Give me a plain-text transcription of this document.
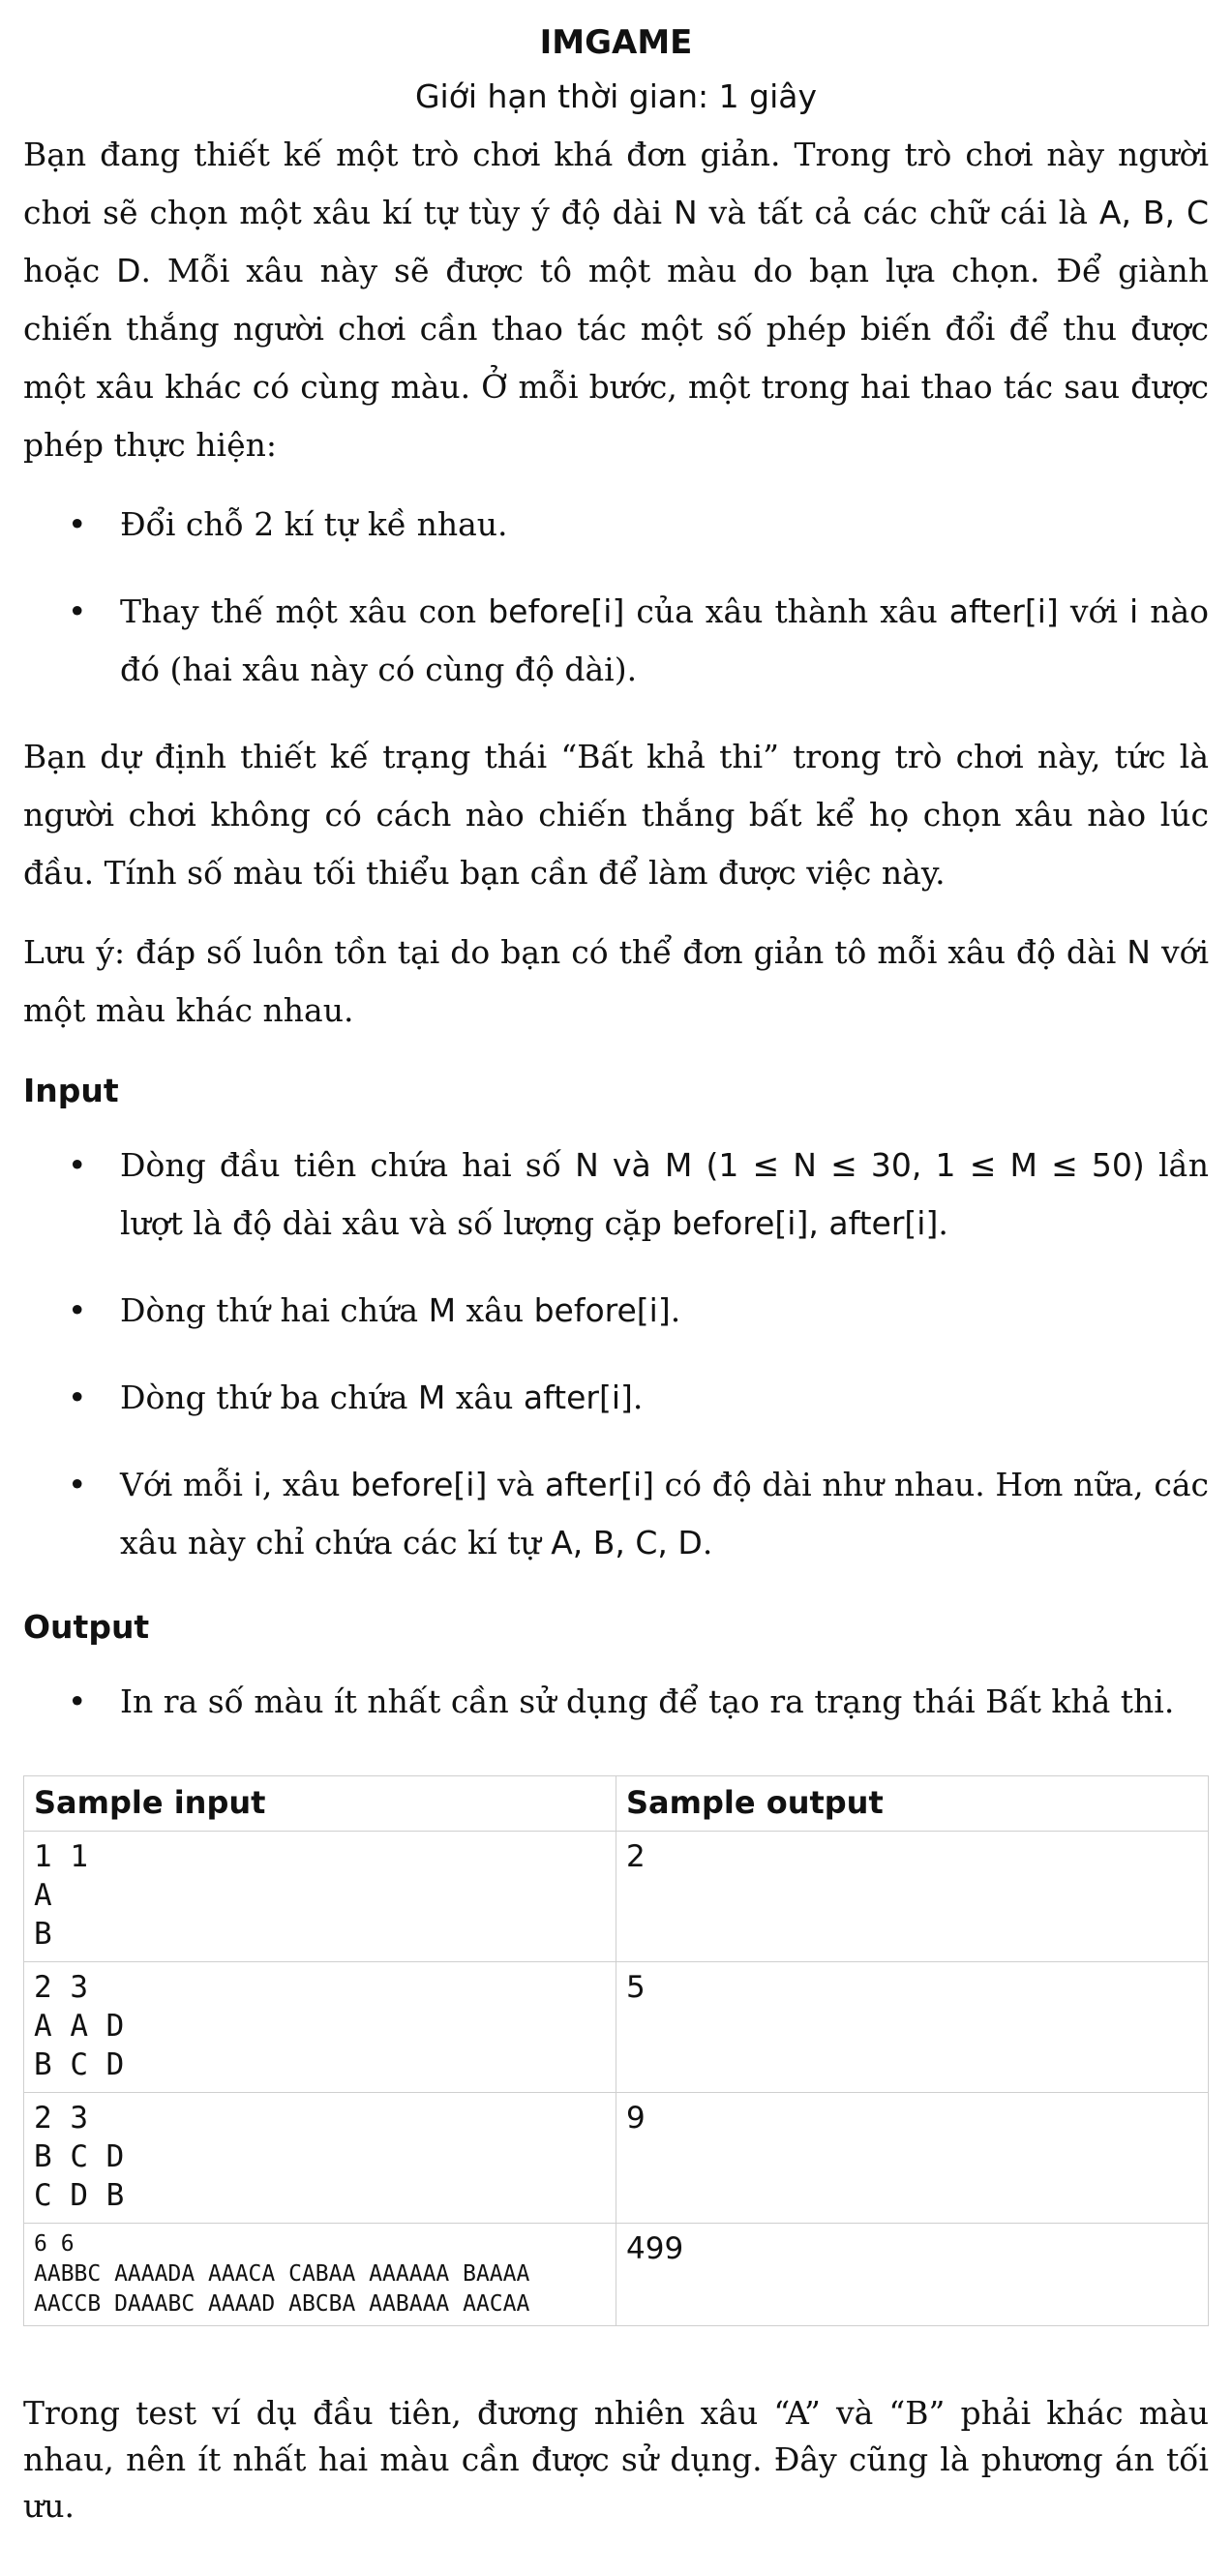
IMGAME
Giới hạn thời gian: 1 giây

Bạn đang thiết kế một trò chơi khá đơn giản. Trong trò chơi này người chơi sẽ chọn một xâu kí tự tùy ý độ dài N và tất cả các chữ cái là A, B, C hoặc D. Mỗi xâu này sẽ được tô một màu do bạn lựa chọn. Để giành chiến thắng người chơi cần thao tác một số phép biến đổi để thu được một xâu khác có cùng màu. Ở mỗi bước, một trong hai thao tác sau được phép thực hiện:

• Đổi chỗ 2 kí tự kề nhau.
• Thay thế một xâu con before[i] của xâu thành xâu after[i] với i nào đó (hai xâu này có cùng độ dài).

Bạn dự định thiết kế trạng thái “Bất khả thi” trong trò chơi này, tức là người chơi không có cách nào chiến thắng bất kể họ chọn xâu nào lúc đầu. Tính số màu tối thiểu bạn cần để làm được việc này.

Lưu ý: đáp số luôn tồn tại do bạn có thể đơn giản tô mỗi xâu độ dài N với một màu khác nhau.

Input
• Dòng đầu tiên chứa hai số N và M (1 ≤ N ≤ 30, 1 ≤ M ≤ 50) lần lượt là độ dài xâu và số lượng cặp before[i], after[i].
• Dòng thứ hai chứa M xâu before[i].
• Dòng thứ ba chứa M xâu after[i].
• Với mỗi i, xâu before[i] và after[i] có độ dài như nhau. Hơn nữa, các xâu này chỉ chứa các kí tự A, B, C, D.
Output
• In ra số màu ít nhất cần sử dụng để tạo ra trạng thái Bất khả thi.
Sample input	Sample output
1 1
A
B	2
2 3
A A D
B C D	5
2 3
B C D
C D B	9
6 6
AABBC AAAADA AAACA CABAA AAAAAA BAAAA
AACCB DAAABC AAAAD ABCBA AABAAA AACAA	499

Trong test ví dụ đầu tiên, đương nhiên xâu “A” và “B” phải khác màu nhau, nên ít nhất hai màu cần được sử dụng. Đây cũng là phương án tối ưu.
